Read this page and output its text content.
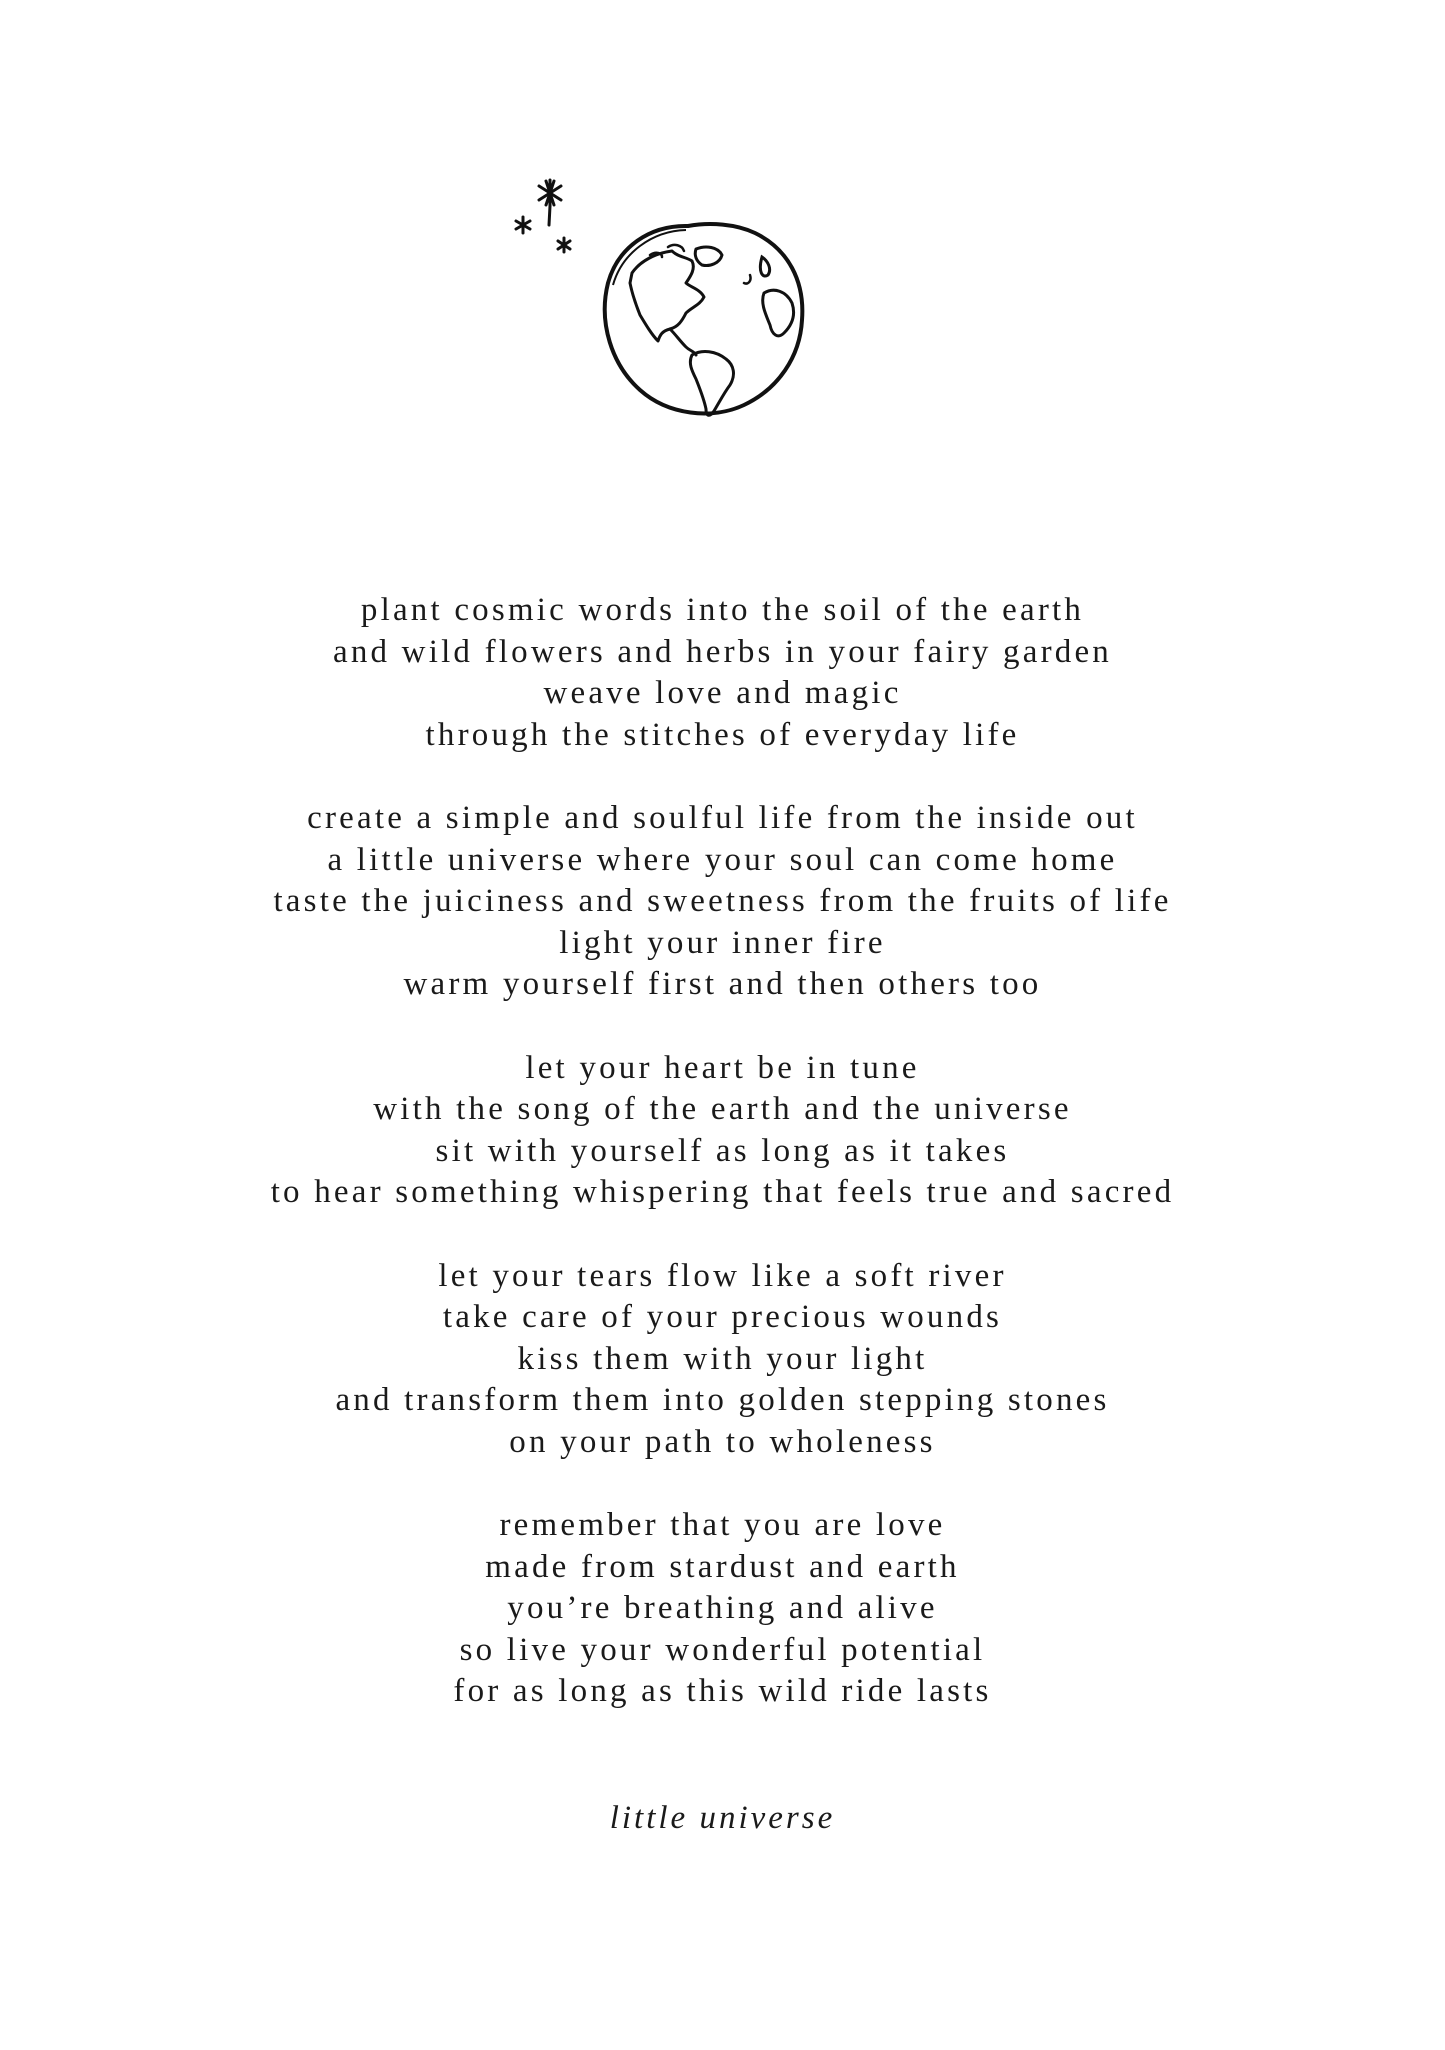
plant cosmic words into the soil of the earth
and wild flowers and herbs in your fairy garden
weave love and magic
through the stitches of everyday life
create a simple and soulful life from the inside out
a little universe where your soul can come home
taste the juiciness and sweetness from the fruits of life
light your inner fire
warm yourself first and then others too
let your heart be in tune
with the song of the earth and the universe
sit with yourself as long as it takes
to hear something whispering that feels true and sacred
let your tears flow like a soft river
take care of your precious wounds
kiss them with your light
and transform them into golden stepping stones
on your path to wholeness
remember that you are love
made from stardust and earth
you’re breathing and alive
so live your wonderful potential
for as long as this wild ride lasts
little universe
